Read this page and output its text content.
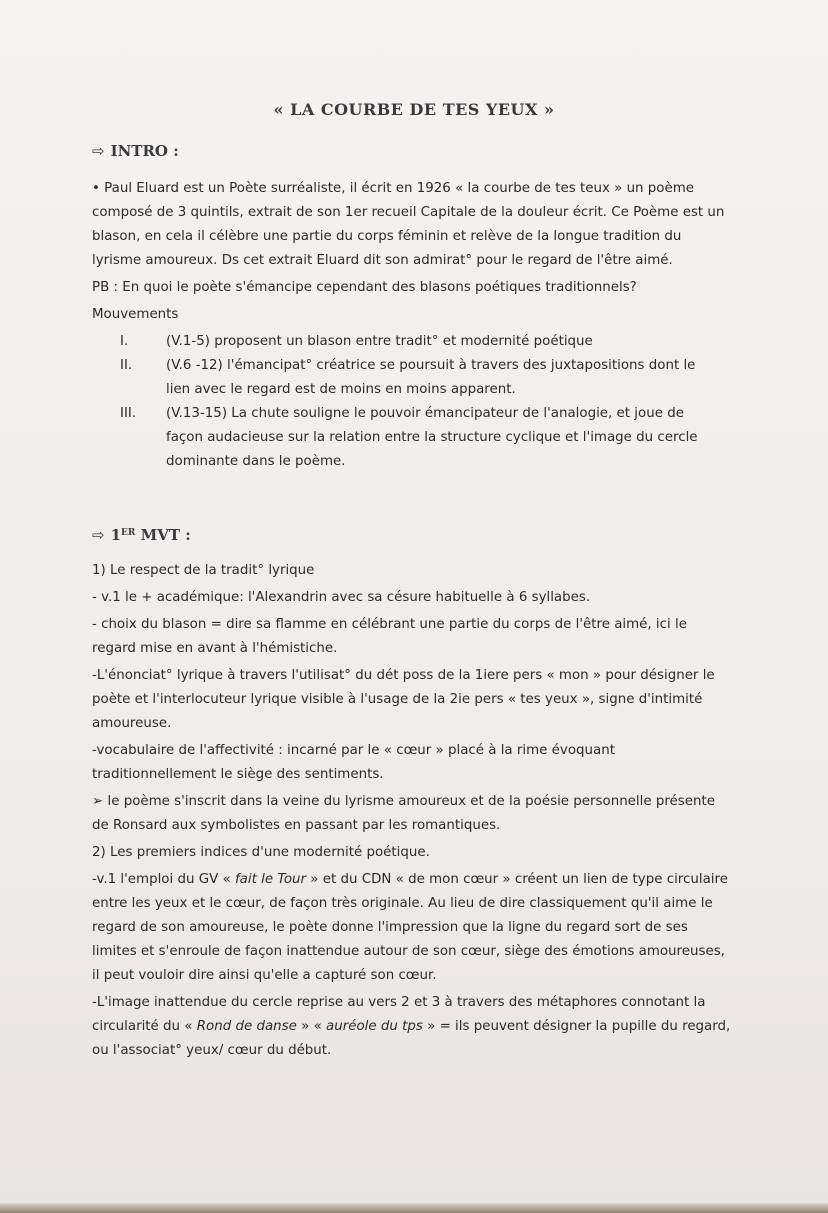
« LA COURBE DE TES YEUX »
⇨ INTRO :

• Paul Eluard est un Poète surréaliste, il écrit en 1926 « la courbe de tes teux » un poème composé de 3 quintils, extrait de son 1er recueil Capitale de la douleur écrit. Ce Poème est un blason, en cela il célèbre une partie du corps féminin et relève de la longue tradition du lyrisme amoureux. Ds cet extrait Eluard dit son admirat° pour le regard de l'être aimé.

PB : En quoi le poète s'émancipe cependant des blasons poétiques traditionnels?

Mouvements

I.	(V.1-5) proposent un blason entre tradit° et modernité poétique
II.	(V.6 -12) l'émancipat° créatrice se poursuit à travers des juxtapositions dont le lien avec le regard est de moins en moins apparent.
III.	(V.13-15) La chute souligne le pouvoir émancipateur de l'analogie, et joue de façon audacieuse sur la relation entre la structure cyclique et l'image du cercle dominante dans le poème.
⇨ 1ER MVT :

1) Le respect de la tradit° lyrique

- v.1 le + académique: l'Alexandrin avec sa césure habituelle à 6 syllabes.

- choix du blason = dire sa flamme en célébrant une partie du corps de l'être aimé, ici le regard mise en avant à l'hémistiche.

-L'énonciat° lyrique à travers l'utilisat° du dét poss de la 1iere pers « mon » pour désigner le poète et l'interlocuteur lyrique visible à l'usage de la 2ie pers « tes yeux », signe d'intimité amoureuse.

-vocabulaire de l'affectivité : incarné par le « cœur » placé à la rime évoquant traditionnellement le siège des sentiments.

➢ le poème s'inscrit dans la veine du lyrisme amoureux et de la poésie personnelle présente de Ronsard aux symbolistes en passant par les romantiques.

2) Les premiers indices d'une modernité poétique.

-v.1 l'emploi du GV « fait le Tour » et du CDN « de mon cœur » créent un lien de type circulaire entre les yeux et le cœur, de façon très originale. Au lieu de dire classiquement qu'il aime le regard de son amoureuse, le poète donne l'impression que la ligne du regard sort de ses limites et s'enroule de façon inattendue autour de son cœur, siège des émotions amoureuses, il peut vouloir dire ainsi qu'elle a capturé son cœur.

-L'image inattendue du cercle reprise au vers 2 et 3 à travers des métaphores connotant la circularité du « Rond de danse » « auréole du tps » = ils peuvent désigner la pupille du regard, ou l'associat° yeux/ cœur du début.
